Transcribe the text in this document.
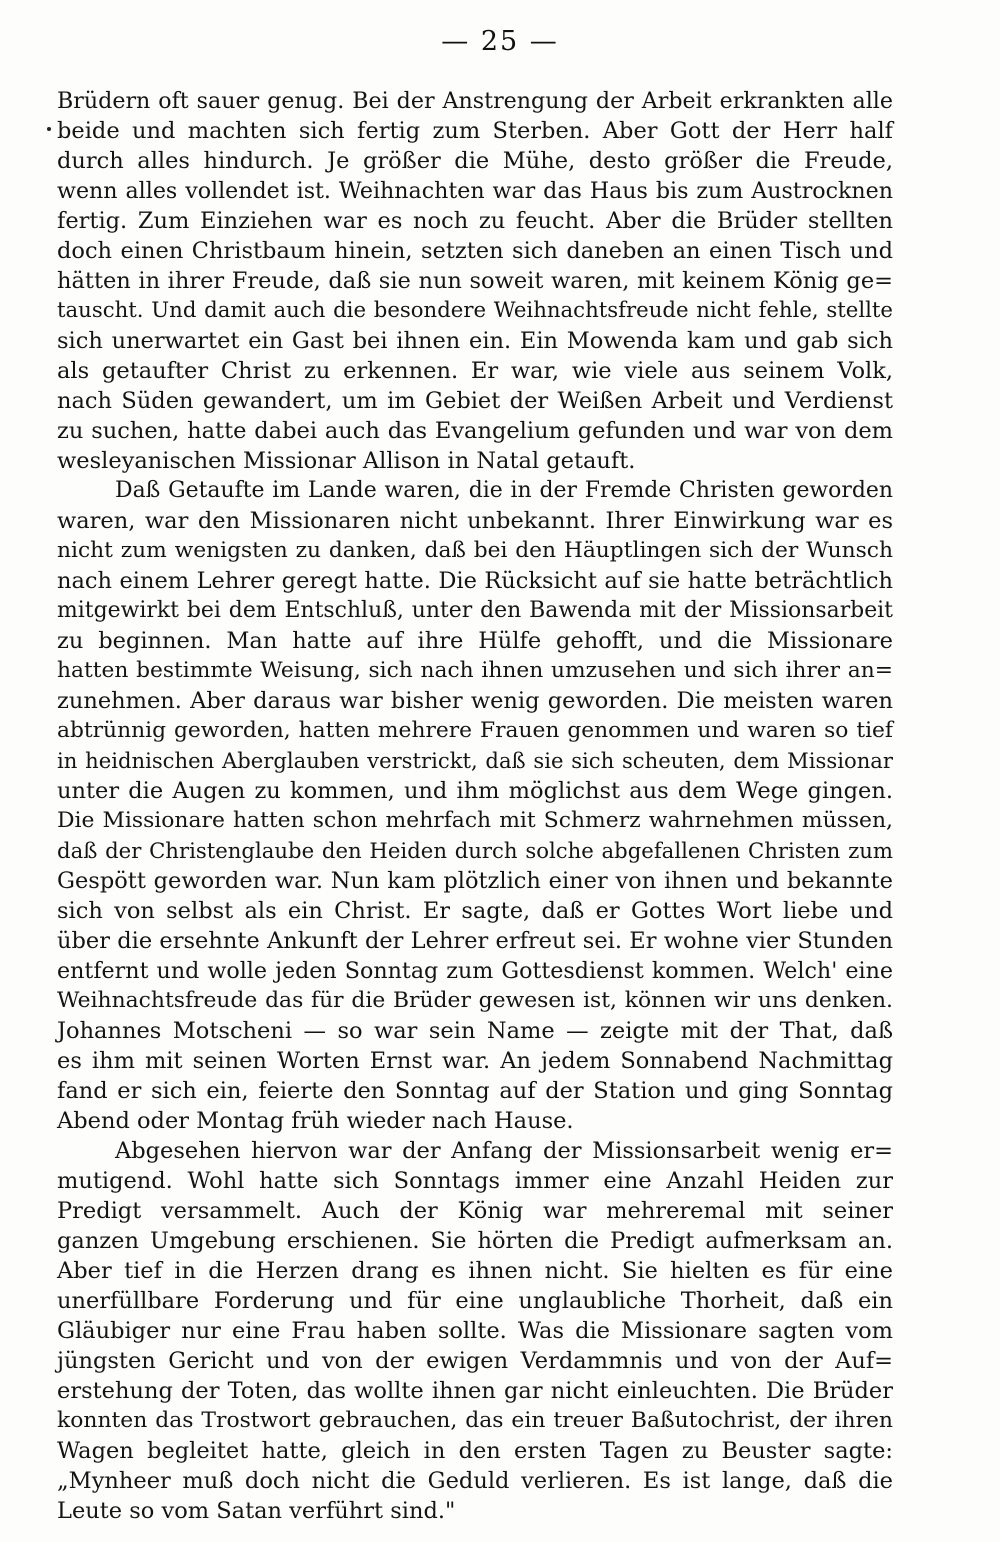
— 25 —
Brüdern oft sauer genug. Bei der Anstrengung der Arbeit erkrankten alle
beide und machten sich fertig zum Sterben. Aber Gott der Herr half
durch alles hindurch. Je größer die Mühe, desto größer die Freude,
wenn alles vollendet ist. Weihnachten war das Haus bis zum Austrocknen
fertig. Zum Einziehen war es noch zu feucht. Aber die Brüder stellten
doch einen Christbaum hinein, setzten sich daneben an einen Tisch und
hätten in ihrer Freude, daß sie nun soweit waren, mit keinem König ge=
tauscht. Und damit auch die besondere Weihnachtsfreude nicht fehle, stellte
sich unerwartet ein Gast bei ihnen ein. Ein Mowenda kam und gab sich
als getaufter Christ zu erkennen. Er war, wie viele aus seinem Volk,
nach Süden gewandert, um im Gebiet der Weißen Arbeit und Verdienst
zu suchen, hatte dabei auch das Evangelium gefunden und war von dem
wesleyanischen Missionar Allison in Natal getauft.
Daß Getaufte im Lande waren, die in der Fremde Christen geworden
waren, war den Missionaren nicht unbekannt. Ihrer Einwirkung war es
nicht zum wenigsten zu danken, daß bei den Häuptlingen sich der Wunsch
nach einem Lehrer geregt hatte. Die Rücksicht auf sie hatte beträchtlich
mitgewirkt bei dem Entschluß, unter den Bawenda mit der Missionsarbeit
zu beginnen. Man hatte auf ihre Hülfe gehofft, und die Missionare
hatten bestimmte Weisung, sich nach ihnen umzusehen und sich ihrer an=
zunehmen. Aber daraus war bisher wenig geworden. Die meisten waren
abtrünnig geworden, hatten mehrere Frauen genommen und waren so tief
in heidnischen Aberglauben verstrickt, daß sie sich scheuten, dem Missionar
unter die Augen zu kommen, und ihm möglichst aus dem Wege gingen.
Die Missionare hatten schon mehrfach mit Schmerz wahrnehmen müssen,
daß der Christenglaube den Heiden durch solche abgefallenen Christen zum
Gespött geworden war. Nun kam plötzlich einer von ihnen und bekannte
sich von selbst als ein Christ. Er sagte, daß er Gottes Wort liebe und
über die ersehnte Ankunft der Lehrer erfreut sei. Er wohne vier Stunden
entfernt und wolle jeden Sonntag zum Gottesdienst kommen. Welch' eine
Weihnachtsfreude das für die Brüder gewesen ist, können wir uns denken.
Johannes Motscheni — so war sein Name — zeigte mit der That, daß
es ihm mit seinen Worten Ernst war. An jedem Sonnabend Nachmittag
fand er sich ein, feierte den Sonntag auf der Station und ging Sonntag
Abend oder Montag früh wieder nach Hause.
Abgesehen hiervon war der Anfang der Missionsarbeit wenig er=
mutigend. Wohl hatte sich Sonntags immer eine Anzahl Heiden zur
Predigt versammelt. Auch der König war mehreremal mit seiner
ganzen Umgebung erschienen. Sie hörten die Predigt aufmerksam an.
Aber tief in die Herzen drang es ihnen nicht. Sie hielten es für eine
unerfüllbare Forderung und für eine unglaubliche Thorheit, daß ein
Gläubiger nur eine Frau haben sollte. Was die Missionare sagten vom
jüngsten Gericht und von der ewigen Verdammnis und von der Auf=
erstehung der Toten, das wollte ihnen gar nicht einleuchten. Die Brüder
konnten das Trostwort gebrauchen, das ein treuer Baßutochrist, der ihren
Wagen begleitet hatte, gleich in den ersten Tagen zu Beuster sagte:
„Mynheer muß doch nicht die Geduld verlieren. Es ist lange, daß die
Leute so vom Satan verführt sind."
